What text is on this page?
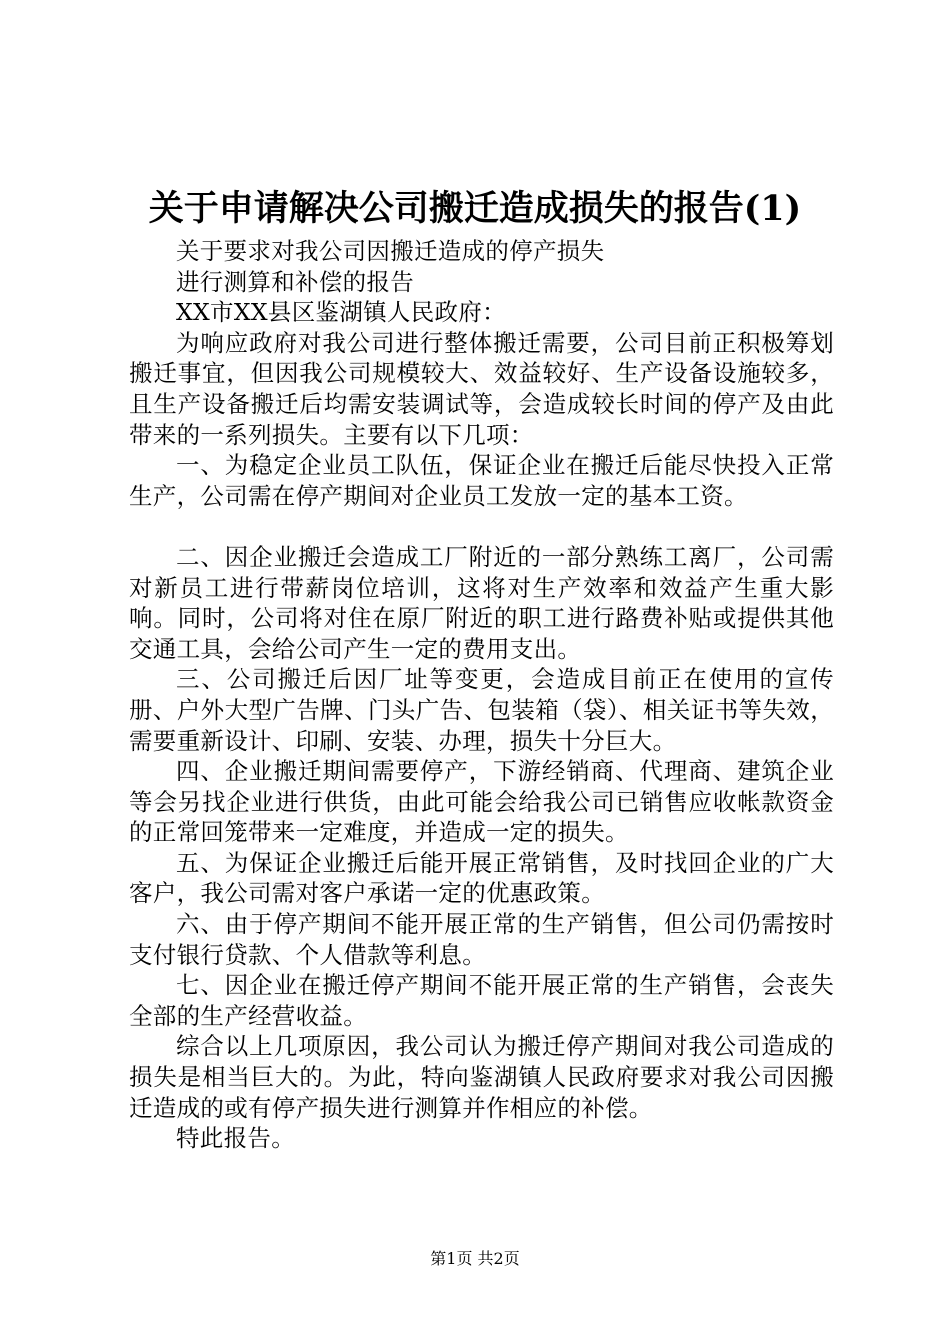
关于申请解决公司搬迁造成损失的报告(1)

关于要求对我公司因搬迁造成的停产损失

进行测算和补偿的报告

XX市XX县区鉴湖镇人民政府：

为响应政府对我公司进行整体搬迁需要，公司目前正积极筹划搬迁事宜，但因我公司规模较大、效益较好、生产设备设施较多，且生产设备搬迁后均需安装调试等，会造成较长时间的停产及由此带来的一系列损失。主要有以下几项：

一、为稳定企业员工队伍，保证企业在搬迁后能尽快投入正常生产，公司需在停产期间对企业员工发放一定的基本工资。

二、因企业搬迁会造成工厂附近的一部分熟练工离厂，公司需对新员工进行带薪岗位培训，这将对生产效率和效益产生重大影响。同时，公司将对住在原厂附近的职工进行路费补贴或提供其他交通工具，会给公司产生一定的费用支出。

三、公司搬迁后因厂址等变更，会造成目前正在使用的宣传册、户外大型广告牌、门头广告、包装箱（袋）、相关证书等失效，需要重新设计、印刷、安装、办理，损失十分巨大。

四、企业搬迁期间需要停产，下游经销商、代理商、建筑企业等会另找企业进行供货，由此可能会给我公司已销售应收帐款资金的正常回笼带来一定难度，并造成一定的损失。

五、为保证企业搬迁后能开展正常销售，及时找回企业的广大客户，我公司需对客户承诺一定的优惠政策。

六、由于停产期间不能开展正常的生产销售，但公司仍需按时支付银行贷款、个人借款等利息。

七、因企业在搬迁停产期间不能开展正常的生产销售，会丧失全部的生产经营收益。

综合以上几项原因，我公司认为搬迁停产期间对我公司造成的损失是相当巨大的。为此，特向鉴湖镇人民政府要求对我公司因搬迁造成的或有停产损失进行测算并作相应的补偿。

特此报告。

第1页 共2页
